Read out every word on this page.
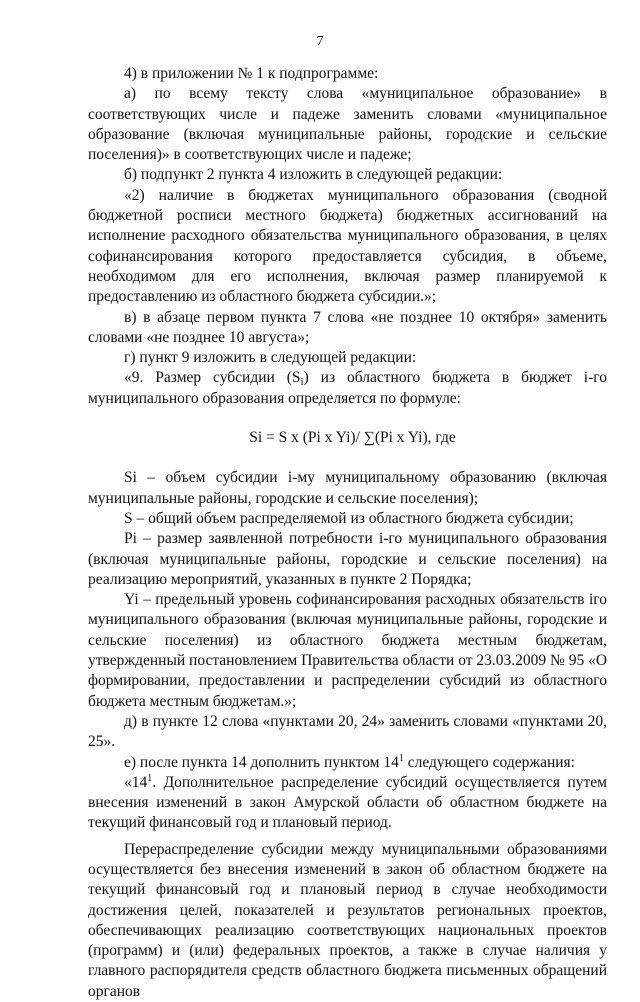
7

4) в приложении № 1 к подпрограмме:

а) по всему тексту слова «муниципальное образование» в соответствующих числе и падеже заменить словами «муниципальное образование (включая муниципальные районы, городские и сельские поселения)» в соответствующих числе и падеже;

б) подпункт 2 пункта 4 изложить в следующей редакции:

«2) наличие в бюджетах муниципального образования (сводной бюджетной росписи местного бюджета) бюджетных ассигнований на исполнение расходного обязательства муниципального образования, в целях софинансирования которого предоставляется субсидия, в объеме, необходимом для его исполнения, включая размер планируемой к предоставлению из областного бюджета субсидии.»;

в) в абзаце первом пункта 7 слова «не позднее 10 октября» заменить словами «не позднее 10 августа»;

г) пункт 9 изложить в следующей редакции:

«9. Размер субсидии $(S_i)$ из областного бюджета в бюджет i-го муниципального образования определяется по формуле:

Si = S x (Pi x Yi)/ ∑(Pi x Yi), где

Si – объем субсидии i-му муниципальному образованию (включая муниципальные районы, городские и сельские поселения);

S – общий объем распределяемой из областного бюджета субсидии;

Pi – размер заявленной потребности i-го муниципального образования (включая муниципальные районы, городские и сельские поселения) на реализацию мероприятий, указанных в пункте 2 Порядка;

Yi – предельный уровень софинансирования расходных обязательств iго муниципального образования (включая муниципальные районы, городские и сельские поселения) из областного бюджета местным бюджетам, утвержденный постановлением Правительства области от 23.03.2009 № 95 «О формировании, предоставлении и распределении субсидий из областного бюджета местным бюджетам.»;

д) в пункте 12 слова «пунктами 20, 24» заменить словами «пунктами 20, 25».

е) после пункта 14 дополнить пунктом $14^1$ следующего содержания:

«$14^1$. Дополнительное распределение субсидий осуществляется путем внесения изменений в закон Амурской области об областном бюджете на текущий финансовый год и плановый период.

Перераспределение субсидии между муниципальными образованиями осуществляется без внесения изменений в закон об областном бюджете на текущий финансовый год и плановый период в случае необходимости достижения целей, показателей и результатов региональных проектов, обеспечивающих реализацию соответствующих национальных проектов (программ) и (или) федеральных проектов, а также в случае наличия у главного распорядителя средств областного бюджета письменных обращений органов
